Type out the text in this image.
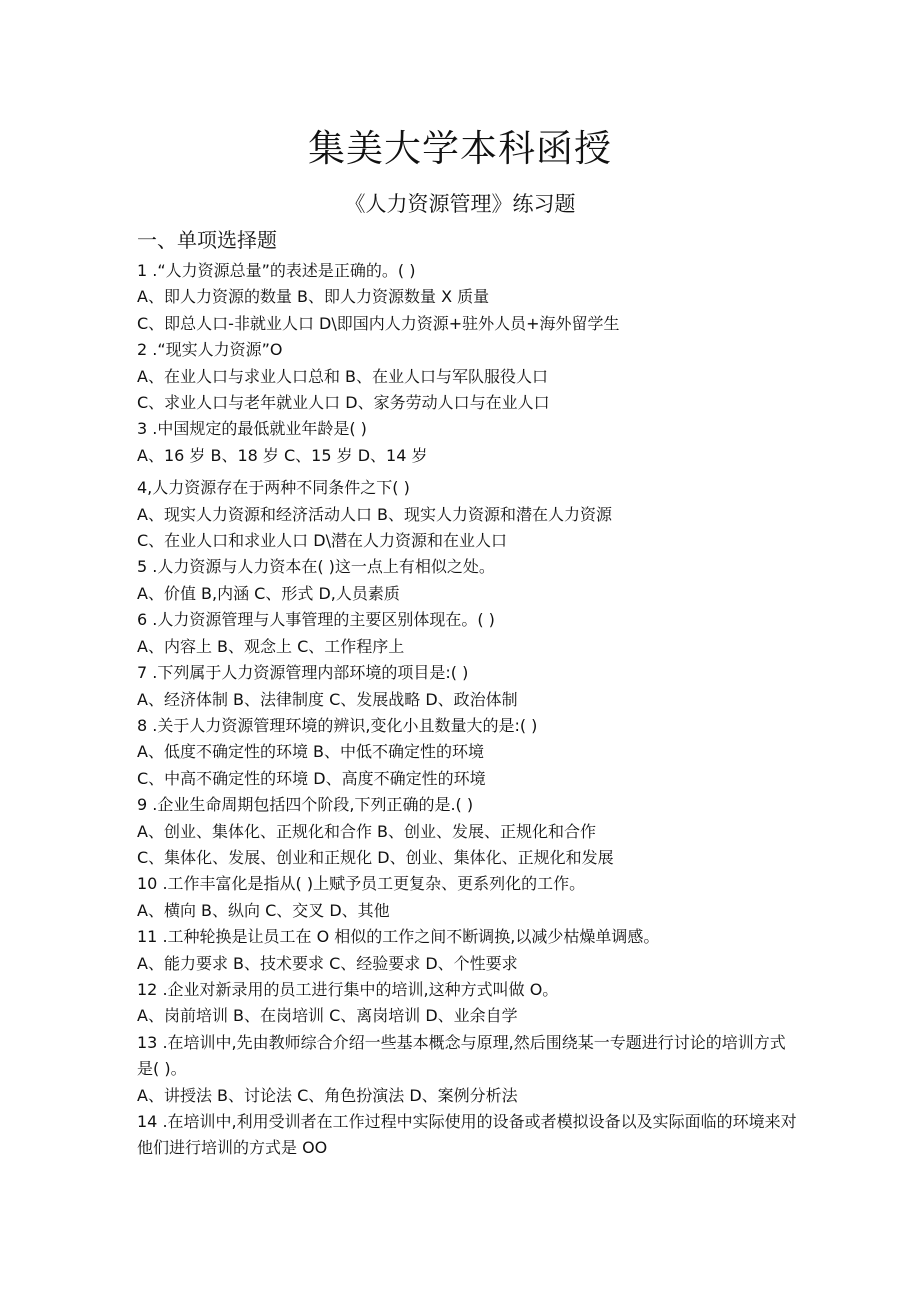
集美大学本科函授
《人力资源管理》练习题
一、单项选择题
1 .“人力资源总量”的表述是正确的。( )
A、即人力资源的数量 B、即人力资源数量 X 质量
C、即总人口-非就业人口 D\即国内人力资源+驻外人员+海外留学生
2 .“现实人力资源”O
A、在业人口与求业人口总和 B、在业人口与军队服役人口
C、求业人口与老年就业人口 D、家务劳动人口与在业人口
3 .中国规定的最低就业年龄是( )
A、16 岁 B、18 岁 C、15 岁 D、14 岁
4,人力资源存在于两种不同条件之下( )
A、现实人力资源和经济活动人口 B、现实人力资源和潜在人力资源
C、在业人口和求业人口 D\潜在人力资源和在业人口
5 .人力资源与人力资本在( )这一点上有相似之处。
A、价值 B,内涵 C、形式 D,人员素质
6 .人力资源管理与人事管理的主要区别体现在。( )
A、内容上 B、观念上 C、工作程序上
7 .下列属于人力资源管理内部环境的项目是:( )
A、经济体制 B、法律制度 C、发展战略 D、政治体制
8 .关于人力资源管理环境的辨识,变化小且数量大的是:( )
A、低度不确定性的环境 B、中低不确定性的环境
C、中高不确定性的环境 D、高度不确定性的环境
9 .企业生命周期包括四个阶段,下列正确的是.( )
A、创业、集体化、正规化和合作 B、创业、发展、正规化和合作
C、集体化、发展、创业和正规化 D、创业、集体化、正规化和发展
10 .工作丰富化是指从( )上赋予员工更复杂、更系列化的工作。
A、横向 B、纵向 C、交叉 D、其他
11 .工种轮换是让员工在 O 相似的工作之间不断调换,以减少枯燥单调感。
A、能力要求 B、技术要求 C、经验要求 D、个性要求
12 .企业对新录用的员工进行集中的培训,这种方式叫做 O。
A、岗前培训 B、在岗培训 C、离岗培训 D、业余自学
13 .在培训中,先由教师综合介绍一些基本概念与原理,然后围绕某一专题进行讨论的培训方式是( )。
A、讲授法 B、讨论法 C、角色扮演法 D、案例分析法
14 .在培训中,利用受训者在工作过程中实际使用的设备或者模拟设备以及实际面临的环境来对他们进行培训的方式是 OO
